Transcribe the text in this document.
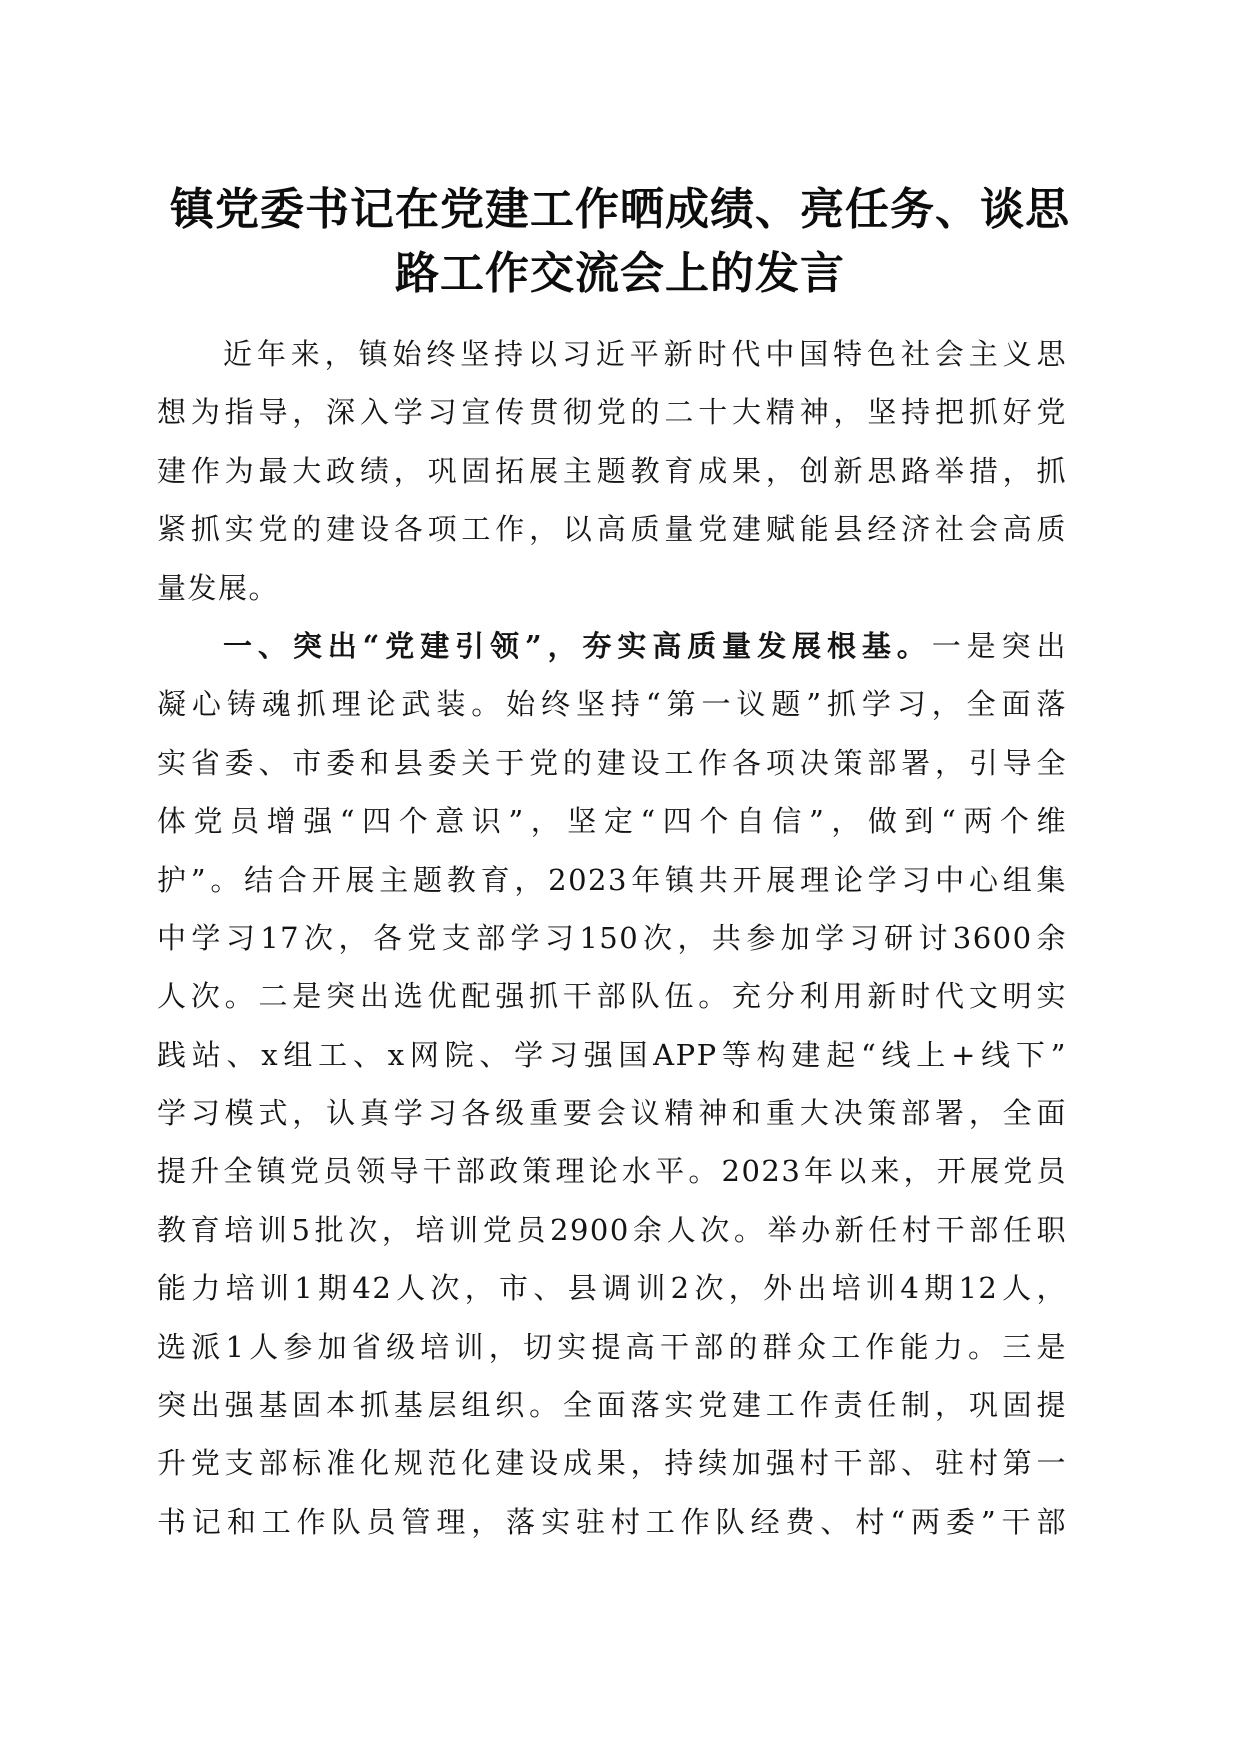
镇党委书记在党建工作晒成绩、亮任务、谈思
路工作交流会上的发言
近年来，镇始终坚持以习近平新时代中国特色社会主义思
想为指导，深入学习宣传贯彻党的二十大精神，坚持把抓好党
建作为最大政绩，巩固拓展主题教育成果，创新思路举措，抓
紧抓实党的建设各项工作，以高质量党建赋能县经济社会高质
量发展。
一、突出“党建引领”，夯实高质量发展根基。一是突出
凝心铸魂抓理论武装。始终坚持“第一议题”抓学习，全面落
实省委、市委和县委关于党的建设工作各项决策部署，引导全
体党员增强“四个意识”，坚定“四个自信”，做到“两个维
护”。结合开展主题教育，2023年镇共开展理论学习中心组集
中学习17次，各党支部学习150次，共参加学习研讨3600余
人次。二是突出选优配强抓干部队伍。充分利用新时代文明实
践站、x组工、x网院、学习强国APP等构建起“线上+线下”
学习模式，认真学习各级重要会议精神和重大决策部署，全面
提升全镇党员领导干部政策理论水平。2023年以来，开展党员
教育培训5批次，培训党员2900余人次。举办新任村干部任职
能力培训1期42人次，市、县调训2次，外出培训4期12人，
选派1人参加省级培训，切实提高干部的群众工作能力。三是
突出强基固本抓基层组织。全面落实党建工作责任制，巩固提
升党支部标准化规范化建设成果，持续加强村干部、驻村第一
书记和工作队员管理，落实驻村工作队经费、村“两委”干部
